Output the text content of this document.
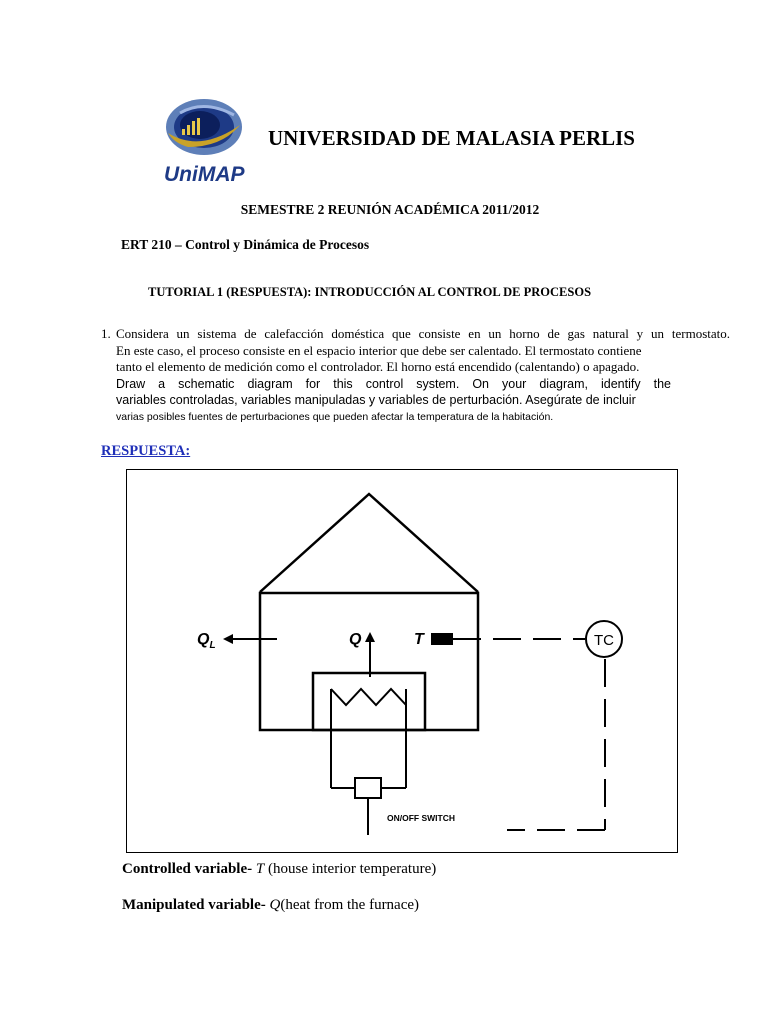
UniMAP
UNIVERSIDAD DE MALASIA PERLIS
SEMESTRE 2 REUNIÓN ACADÉMICA 2011/2012
ERT 210 – Control y Dinámica de Procesos
TUTORIAL 1 (RESPUESTA): INTRODUCCIÓN AL CONTROL DE PROCESOS
1. Considera un sistema de calefacción doméstica que consiste en un horno de gas natural y un termostato.
En este caso, el proceso consiste en el espacio interior que debe ser calentado. El termostato contiene
tanto el elemento de medición como el controlador. El horno está encendido (calentando) o apagado.
Draw a schematic diagram for this control system. On your diagram, identify the
variables controladas, variables manipuladas y variables de perturbación. Asegúrate de incluir
varias posibles fuentes de perturbaciones que pueden afectar la temperatura de la habitación.
RESPUESTA:
$Q_L$	Q	T	TC
ON/OFF SWITCH
Controlled variable- T (house interior temperature)
Manipulated variable- Q(heat from the furnace)
